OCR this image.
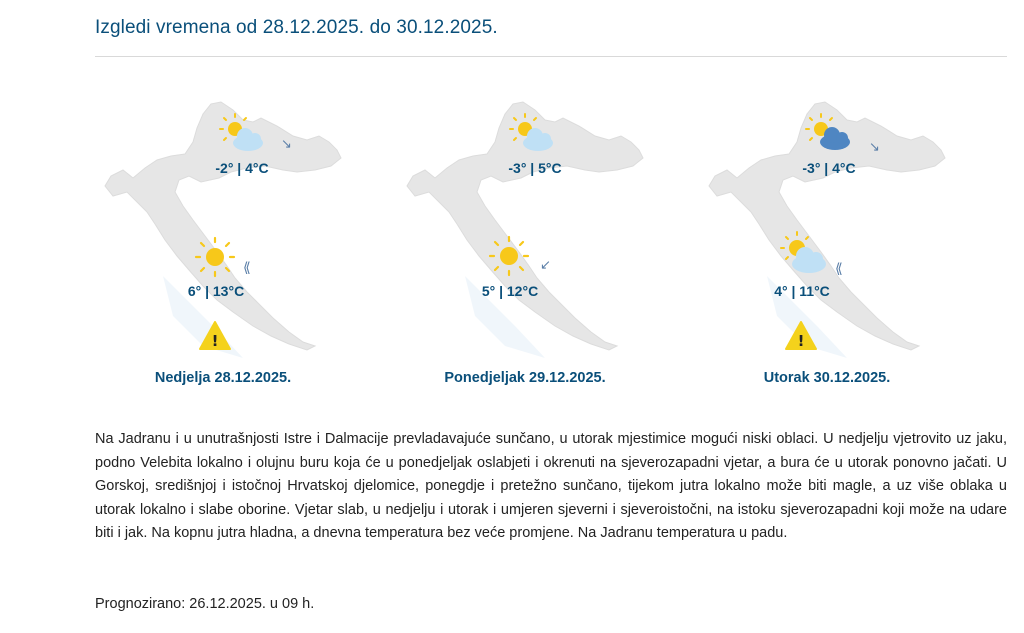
Izgledi vremena od 28.12.2025. do 30.12.2025.
↘
⟪
!
-2° | 4°C
6° | 13°C
Nedjelja 28.12.2025.
↙
-3° | 5°C
5° | 12°C
Ponedjeljak 29.12.2025.
↘
⟪
!
-3° | 4°C
4° | 11°C
Utorak 30.12.2025.

Na Jadranu i u unutrašnjosti Istre i Dalmacije prevladavajuće sunčano, u utorak mjestimice mogući niski oblaci. U nedjelju vjetrovito uz jaku, podno Velebita lokalno i olujnu buru koja će u ponedjeljak oslabjeti i okrenuti na sjeverozapadni vjetar, a bura će u utorak ponovno jačati. U Gorskoj, središnjoj i istočnoj Hrvatskoj djelomice, ponegdje i pretežno sunčano, tijekom jutra lokalno može biti magle, a uz više oblaka u utorak lokalno i slabe oborine. Vjetar slab, u nedjelju i utorak i umjeren sjeverni i sjeveroistočni, na istoku sjeverozapadni koji može na udare biti i jak. Na kopnu jutra hladna, a dnevna temperatura bez veće promjene. Na Jadranu temperatura u padu.

Prognozirano: 26.12.2025. u 09 h.
